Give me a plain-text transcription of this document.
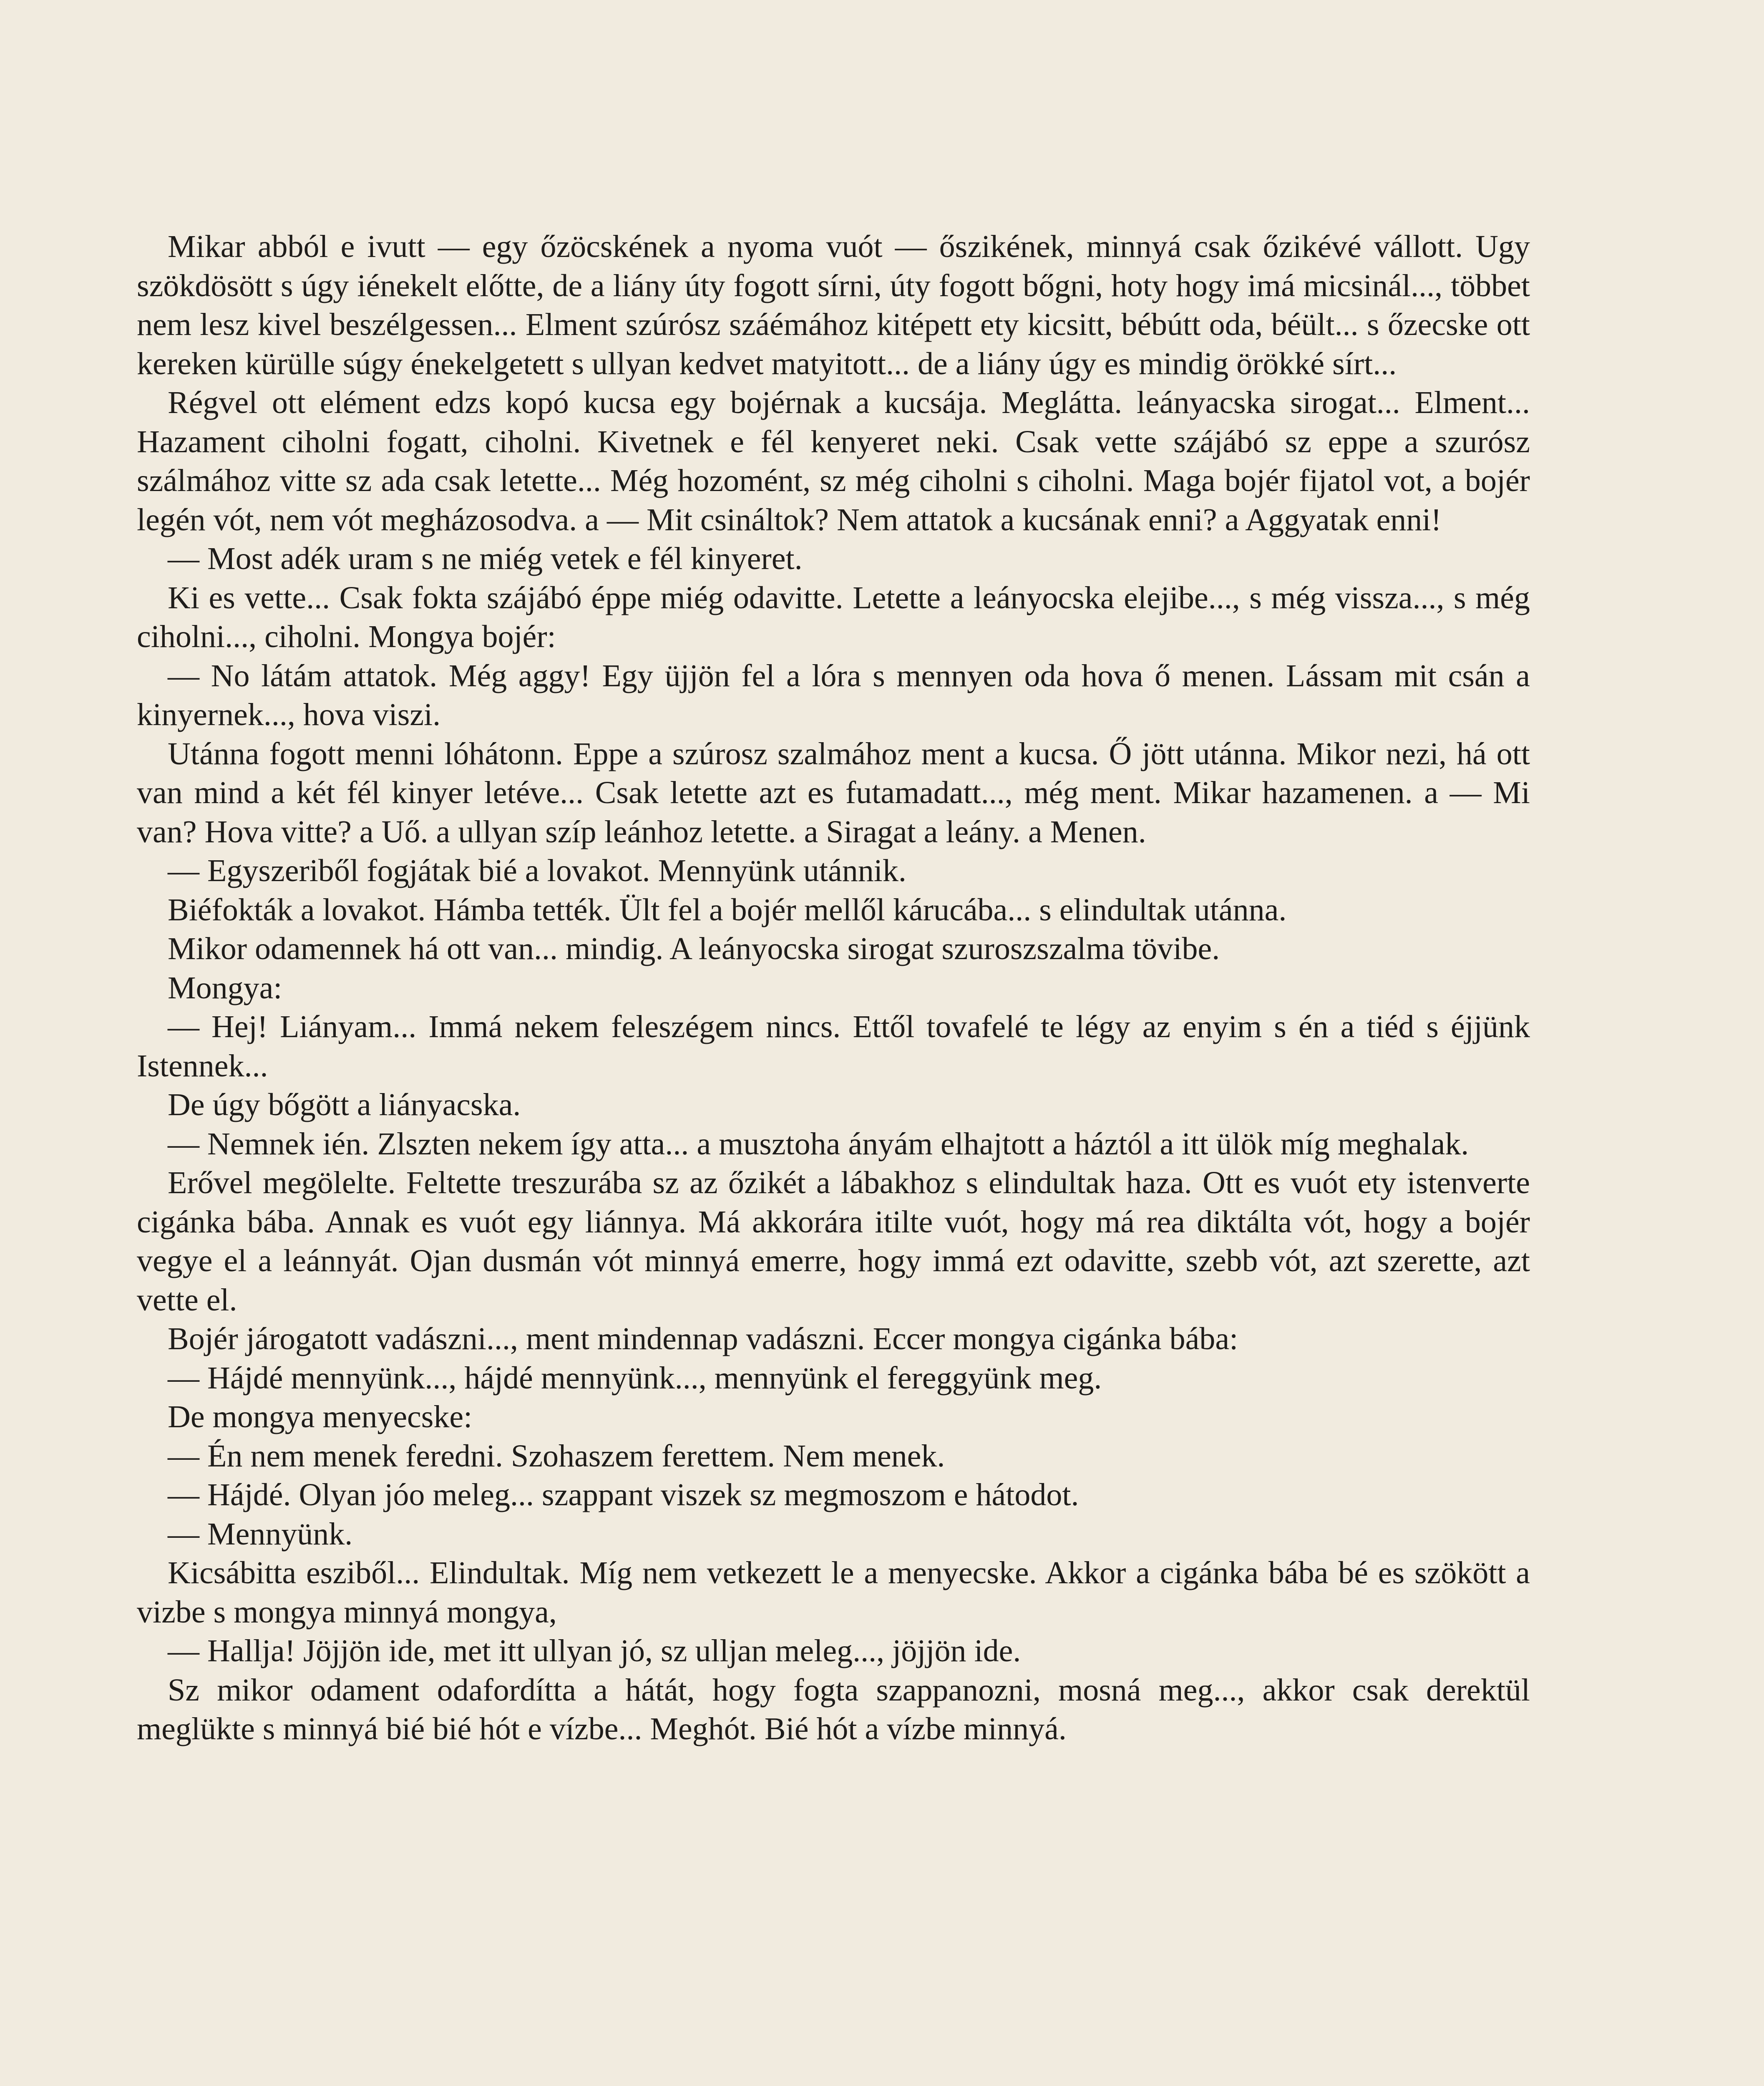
Mikar abból e ivutt — egy őzöcskének a nyoma vuót — őszikének, minnyá csak őzikévé vállott. Ugy szökdösött s úgy iénekelt előtte, de a liány úty fogott sírni, úty fogott bőgni, hoty hogy imá micsinál..., többet nem lesz kivel beszélgessen... Elment szúrósz száémához kitépett ety kicsitt, bébútt oda, béült... s őzecske ott kereken kürülle súgy énekelgetett s ullyan kedvet matyitott... de a liány úgy es mindig örökké sírt...

Régvel ott elément edzs kopó kucsa egy bojérnak a kucsája. Meglátta. leányacska sirogat... Elment... Hazament ciholni fogatt, ciholni. Kivetnek e fél kenyeret neki. Csak vette szájábó sz eppe a szurósz szálmához vitte sz ada csak letette... Még hozomént, sz még ciholni s ciholni. Maga bojér fijatol vot, a bojér legén vót, nem vót megházosodva. a — Mit csináltok? Nem attatok a kucsának enni? a Aggyatak enni!

— Most adék uram s ne miég vetek e fél kinyeret.

Ki es vette... Csak fokta szájábó éppe miég odavitte. Letette a leányocska elejibe..., s még vissza..., s még ciholni..., ciholni. Mongya bojér:

— No látám attatok. Még aggy! Egy üjjön fel a lóra s mennyen oda hova ő menen. Lássam mit csán a kinyernek..., hova viszi.

Utánna fogott menni lóhátonn. Eppe a szúrosz szalmához ment a kucsa. Ő jött utánna. Mikor nezi, há ott van mind a két fél kinyer letéve... Csak letette azt es futamadatt..., még ment. Mikar hazamenen. a — Mi van? Hova vitte? a Uő. a ullyan szíp leánhoz letette. a Siragat a leány. a Menen.

— Egyszeriből fogjátak bié a lovakot. Mennyünk utánnik.

Biéfokták a lovakot. Hámba tették. Ült fel a bojér mellől kárucába... s elindultak utánna.

Mikor odamennek há ott van... mindig. A leányocska sirogat szuroszszalma tövibe.

Mongya:

— Hej! Liányam... Immá nekem feleszégem nincs. Ettől tovafelé te légy az enyim s én a tiéd s éjjünk Istennek...

De úgy bőgött a liányacska.

— Nemnek ién. Zlszten nekem így atta... a musztoha ányám elhajtott a háztól a itt ülök míg meghalak.

Erővel megölelte. Feltette treszurába sz az őzikét a lábakhoz s elindultak haza. Ott es vuót ety istenverte cigánka bába. Annak es vuót egy liánnya. Má akkorára itilte vuót, hogy má rea diktálta vót, hogy a bojér vegye el a leánnyát. Ojan dusmán vót minnyá emerre, hogy immá ezt odavitte, szebb vót, azt szerette, azt vette el.

Bojér járogatott vadászni..., ment mindennap vadászni. Eccer mongya cigánka bába:

— Hájdé mennyünk..., hájdé mennyünk..., mennyünk el fereggyünk meg.

De mongya menyecske:

— Én nem menek feredni. Szohaszem ferettem. Nem menek.

— Hájdé. Olyan jóo meleg... szappant viszek sz megmoszom e hátodot.

— Mennyünk.

Kicsábitta esziből... Elindultak. Míg nem vetkezett le a menyecske. Akkor a cigánka bába bé es szökött a vizbe s mongya minnyá mongya,

— Hallja! Jöjjön ide, met itt ullyan jó, sz ulljan meleg..., jöjjön ide.

Sz mikor odament odafordítta a hátát, hogy fogta szappanozni, mosná meg..., akkor csak derektül meglükte s minnyá bié bié hót e vízbe... Meghót. Bié hót a vízbe minnyá.
